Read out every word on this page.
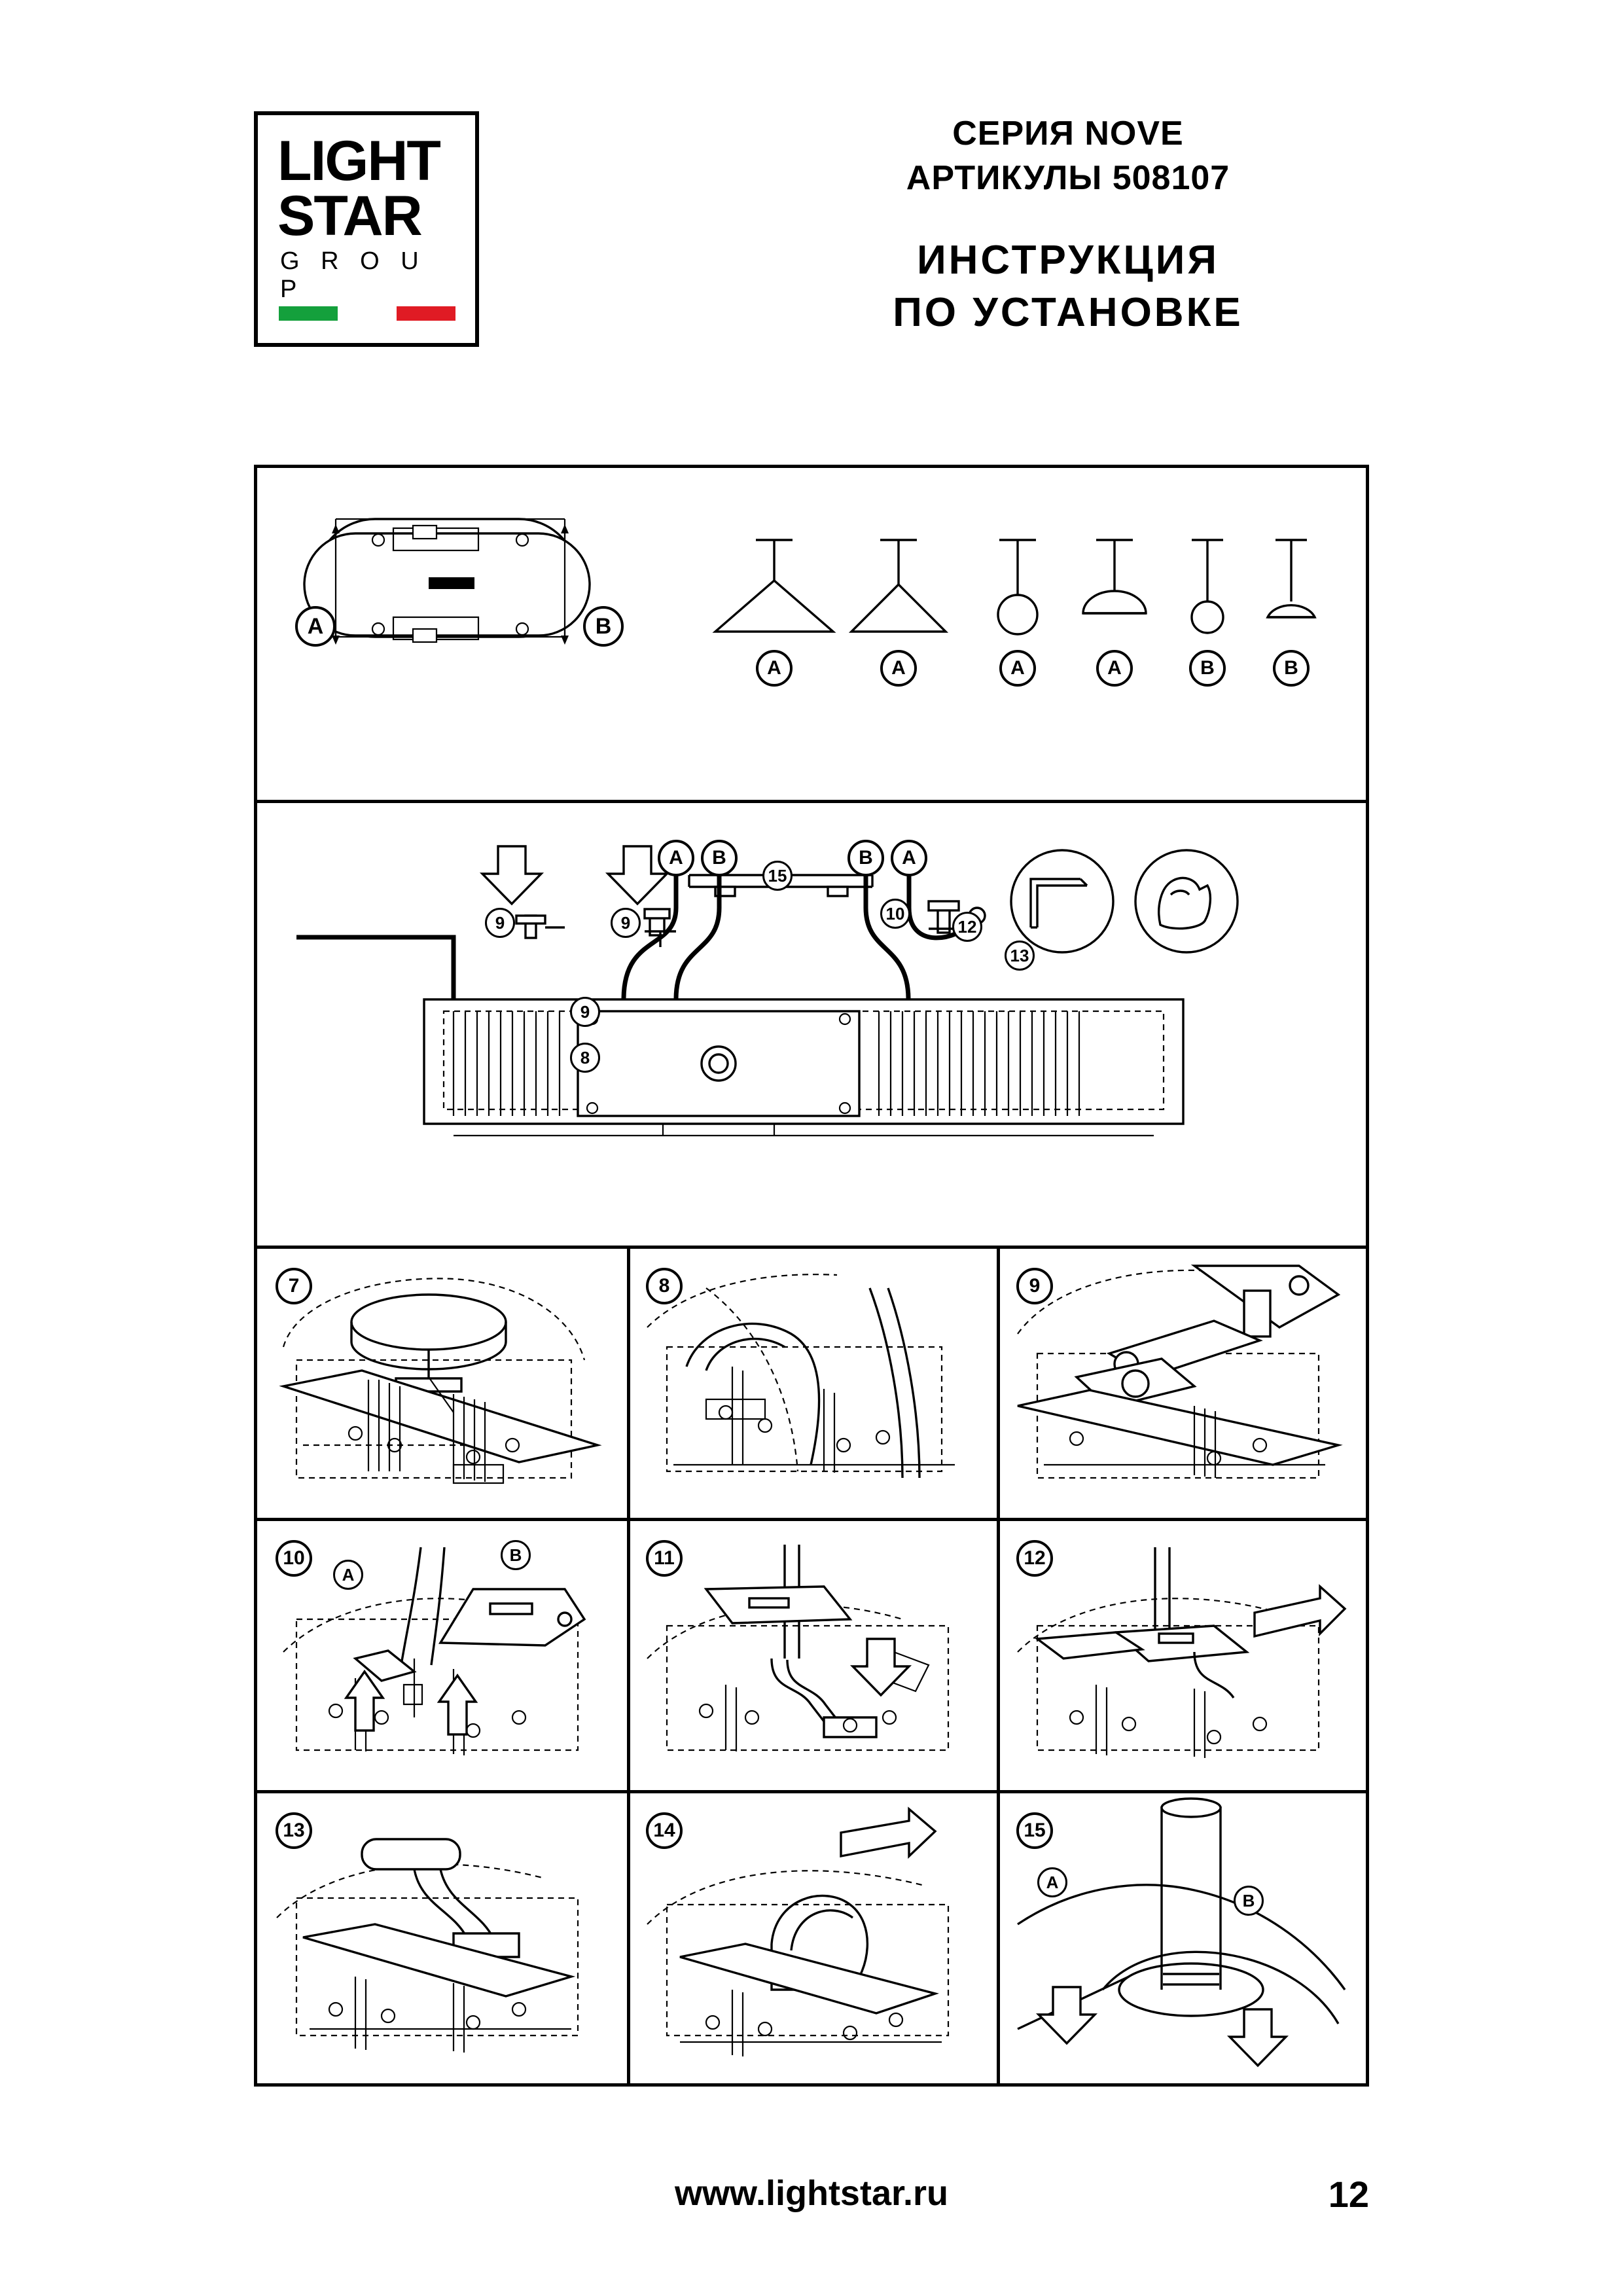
LIGHT
STAR
G R O U P
СЕРИЯ NOVE
АРТИКУЛЫ 508107
ИНСТРУКЦИЯ
ПО УСТАНОВКЕ
A	B
A	A	A	A	B	B
A	B	B	A
15
10
12
13
9	9
9
8
7	8	9
10
A
B	11	12
13	14	15
A
B
www.lightstar.ru	12
